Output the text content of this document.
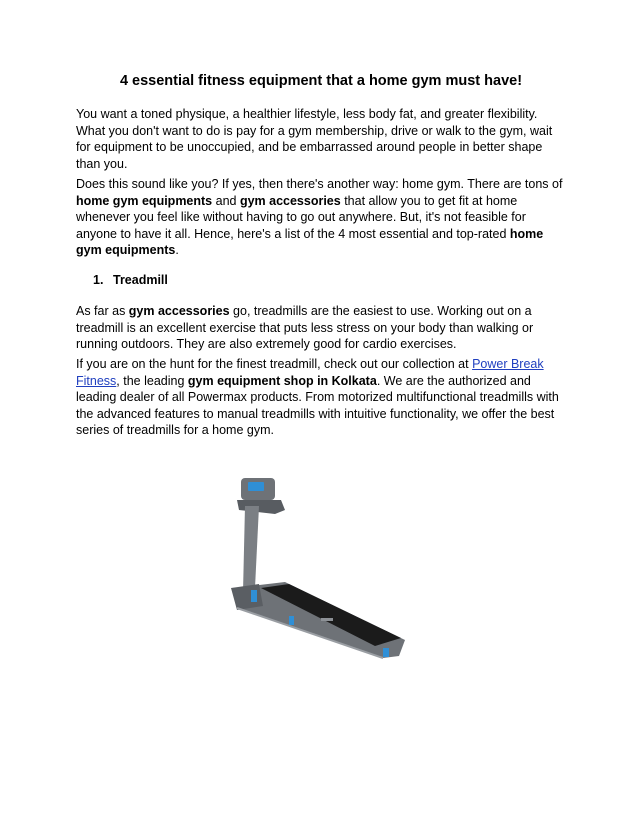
4 essential fitness equipment that a home gym must have!

You want a toned physique, a healthier lifestyle, less body fat, and greater flexibility. What you don't want to do is pay for a gym membership, drive or walk to the gym, wait for equipment to be unoccupied, and be embarrassed around people in better shape than you.

Does this sound like you? If yes, then there's another way: home gym. There are tons of home gym equipments and gym accessories that allow you to get fit at home whenever you feel like without having to go out anywhere. But, it's not feasible for anyone to have it all. Hence, here's a list of the 4 most essential and top-rated home gym equipments.

1. Treadmill

As far as gym accessories go, treadmills are the easiest to use. Working out on a treadmill is an excellent exercise that puts less stress on your body than walking or running outdoors. They are also extremely good for cardio exercises.

If you are on the hunt for the finest treadmill, check out our collection at Power Break Fitness, the leading gym equipment shop in Kolkata. We are the authorized and leading dealer of all Powermax products. From motorized multifunctional treadmills with the advanced features to manual treadmills with intuitive functionality, we offer the best series of treadmills for a home gym.
